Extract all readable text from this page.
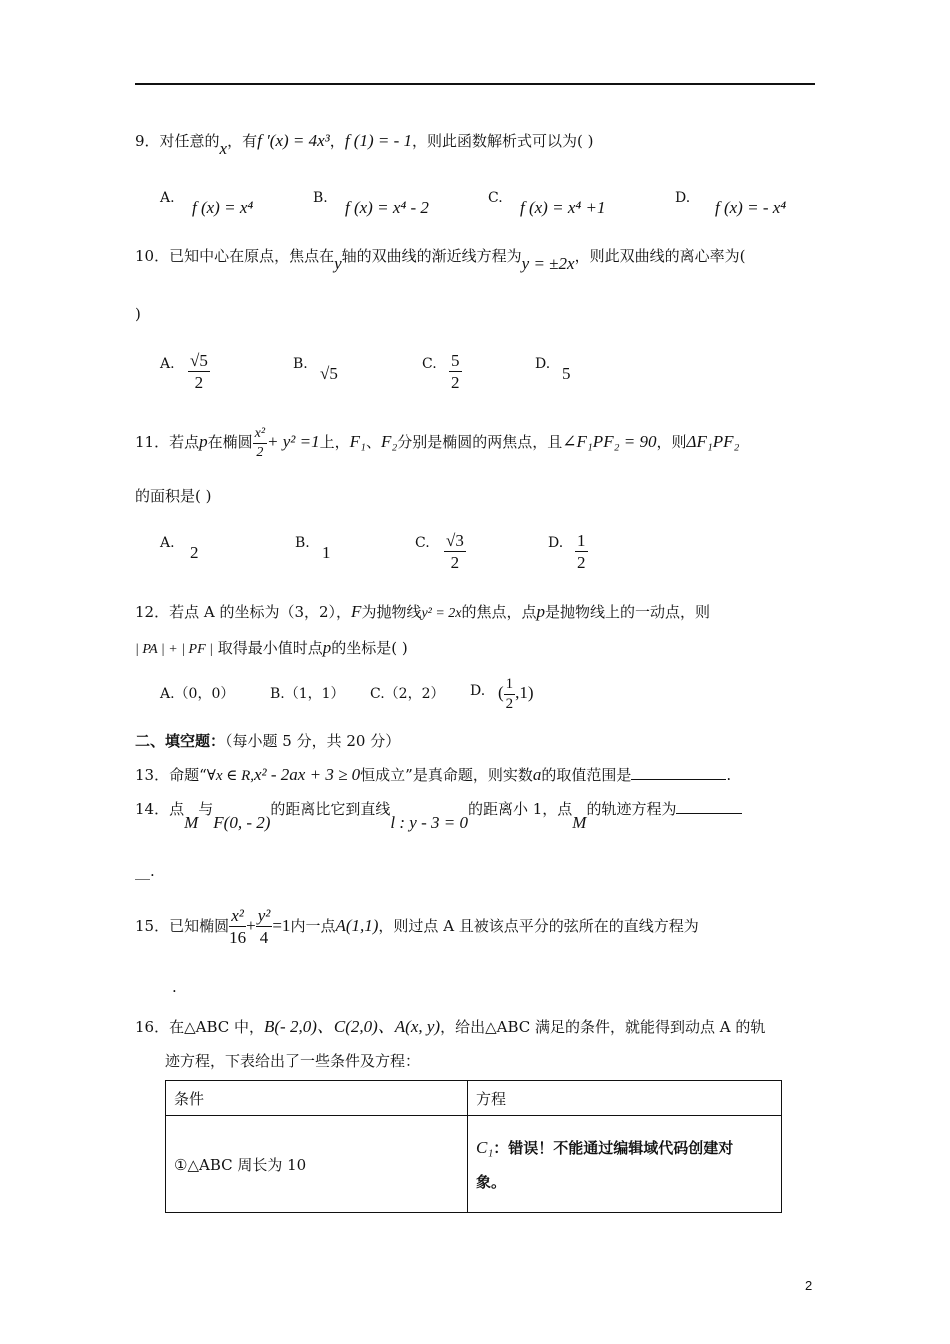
9．对任意的x，有f ′(x) = 4x³，f (1) = - 1，则此函数解析式可以为( )
A. f (x) = x⁴	B. f (x) = x⁴ - 2	C. f (x) = x⁴ +1	D. f (x) = - x⁴
10．已知中心在原点，焦点在y轴的双曲线的渐近线方程为y = ±2x，则此双曲线的离心率为(
)
A. $\frac{√5}{2}$	B. √5	C. $\frac{5}{2}$	D. 5
11．若点p在椭圆 $\frac{\text{x²}}{2} + y^2 =1$上，F₁、F₂分别是椭圆的两焦点，且∠F₁PF₂ = 90，则ΔF₁PF₂
的面积是( )
A. 2	B. 1	C. $\frac{√3}{2}$	D. $\frac{1}{2}$
12．若点 A 的坐标为（3，2），F为抛物线y² = 2x的焦点，点p是抛物线上的一动点，则
| PA | + | PF | 取得最小值时点p的坐标是( )
A.（0，0）	B.（1，1） C.（2，2） D. ( $\frac{1}{2} ,1$)
二、填空题：（每小题 5 分，共 20 分）
13．命题“∀x ∈ R,x² - 2ax + 3 ≥ 0恒成立”是真命题，则实数a的取值范围是	.
14．点M与F(0, - 2)的距离比它到直线l : y - 3 = 0的距离小 1，点M的轨迹方程为
__.
15．已知椭圆 $\frac{\text{x²}}{16} + \frac{\text{y²}}{4} =1$内一点A(1,1)，则过点 A 且被该点平分的弦所在的直线方程为
.
16．在△ABC 中，B(- 2,0)、C(2,0)、A(x, y)，给出△ABC 满足的条件，就能得到动点 A 的轨
迹方程，下表给出了一些条件及方程：
条件	方程
①△ABC 周长为 10	C₁：错误！不能通过编辑域代码创建对
象。
2
